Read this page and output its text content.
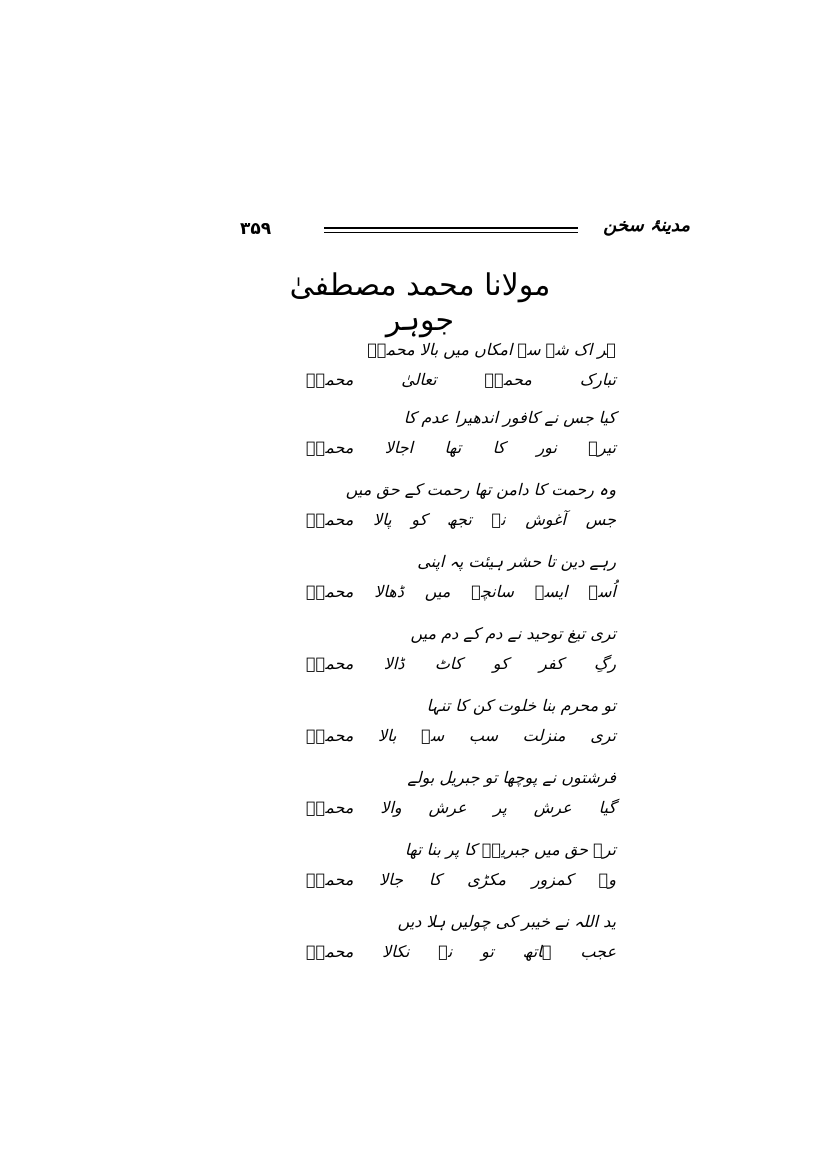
۳۵۹	مدینۂ سخن
مولانا محمد مصطفیٰ جوہر
ہر اک شے سے امکاں میں بالا محمدؐ
تبارک محمدؐ تعالیٰ محمدؐ
کیا جس نے کافور اندھیرا عدم کا
تیرے نور کا تھا اجالا محمدؐ
وہ رحمت کا دامن تھا رحمت کے حق میں
جس آغوش نے تجھ کو پالا محمدؐ
رہے دین تا حشر ہیئت پہ اپنی
اُسے ایسے سانچے میں ڈھالا محمدؐ
تری تیغ توحید نے دم کے دم میں
رگِ کفر کو کاٹ ڈالا محمدؐ
تو محرم بنا خلوت کن کا تنہا
تری منزلت سب سے بالا محمدؐ
فرشتوں نے پوچھا تو جبریل بولے
گیا عرش پر عرش والا محمدؐ
ترے حق میں جبریلؑ کا پر بنا تھا
وہ کمزور مکڑی کا جالا محمدؐ
ید اللہ نے خیبر کی چولیں ہلا دیں
عجب ہاتھ تو نے نکالا محمدؐ
